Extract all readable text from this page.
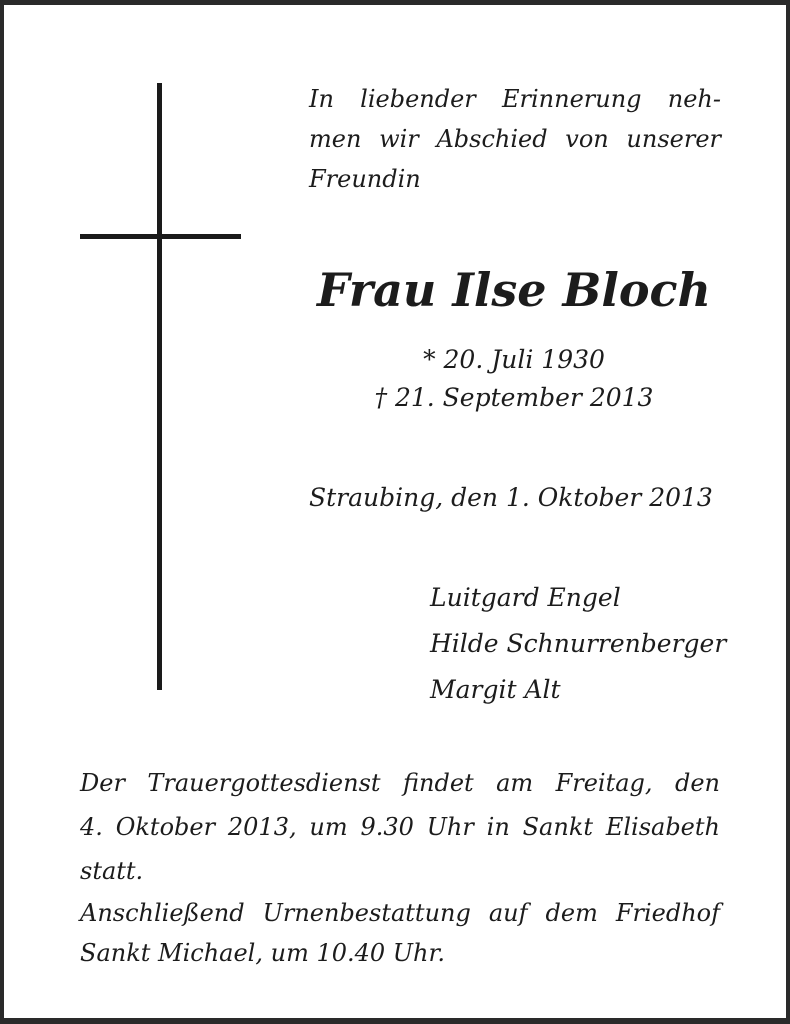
In liebender Erinnerung neh-
men wir Abschied von unserer
Freundin

Frau Ilse Bloch
* 20. Juli 1930
† 21. September 2013

Straubing, den 1. Oktober 2013

Luitgard Engel
Hilde Schnurrenberger
Margit Alt

Der Trauergottesdienst findet am Freitag, den
4. Oktober 2013, um 9.30 Uhr in Sankt Elisabeth
statt.

Anschließend Urnenbestattung auf dem Friedhof
Sankt Michael, um 10.40 Uhr.
